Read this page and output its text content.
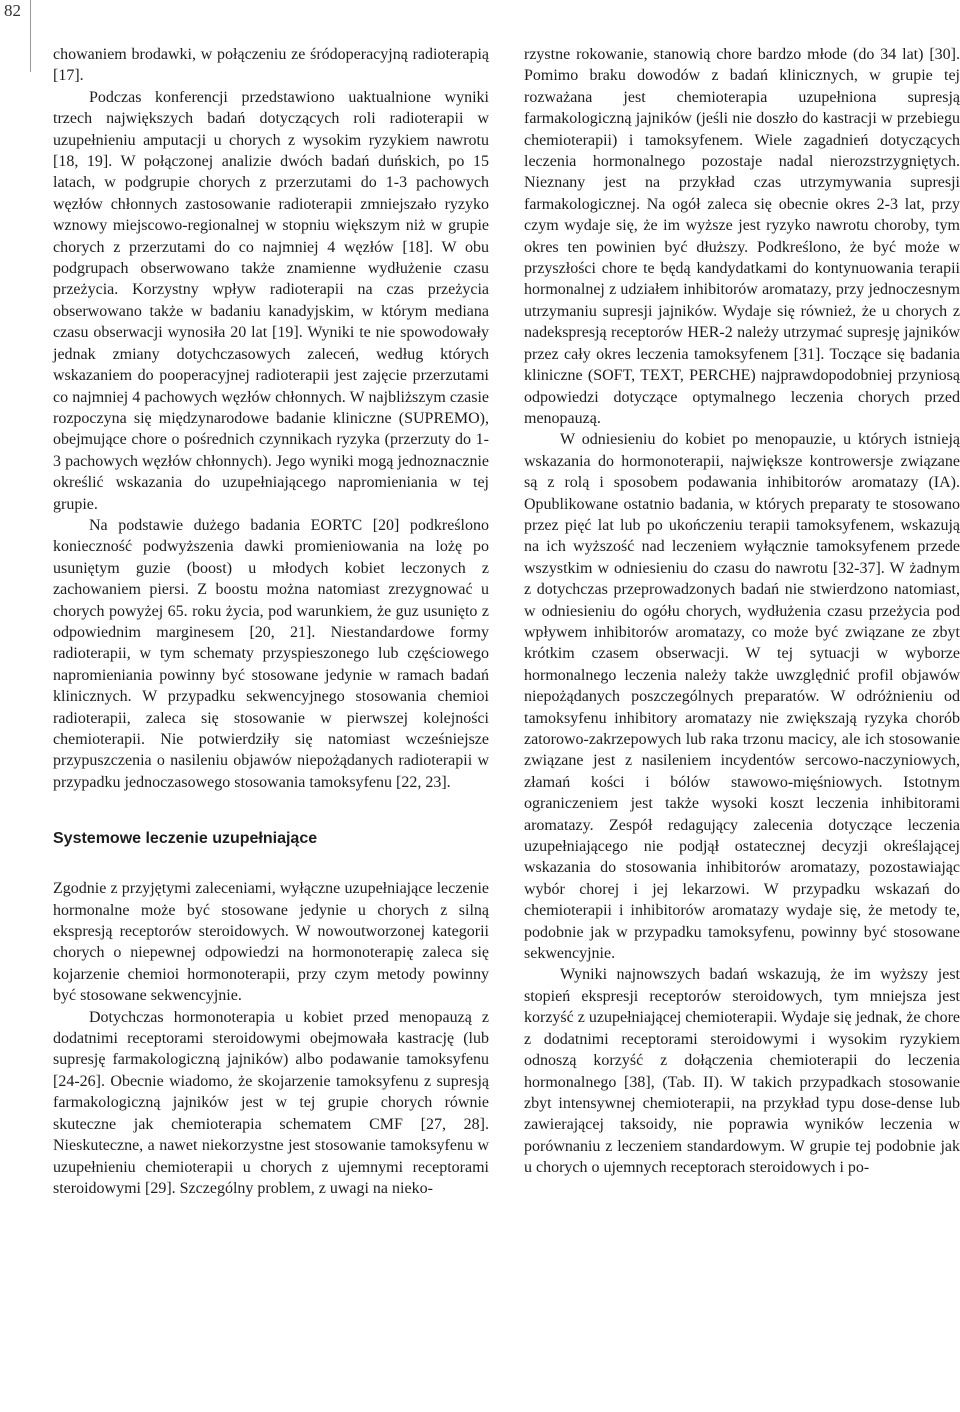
82

chowaniem brodawki, w połączeniu ze śródoperacyjną radioterapią [17].

Podczas konferencji przedstawiono uaktualnione wyniki trzech największych badań dotyczących roli radioterapii w uzupełnieniu amputacji u chorych z wysokim ryzykiem nawrotu [18, 19]. W połączonej analizie dwóch badań duńskich, po 15 latach, w podgrupie chorych z przerzutami do 1-3 pachowych węzłów chłonnych zastosowanie radioterapii zmniejszało ryzyko wznowy miejscowo-regionalnej w stopniu większym niż w grupie chorych z przerzutami do co najmniej 4 węzłów [18]. W obu podgrupach obserwowano także znamienne wydłużenie czasu przeżycia. Korzystny wpływ radioterapii na czas przeżycia obserwowano także w badaniu kanadyjskim, w którym mediana czasu obserwacji wynosiła 20 lat [19]. Wyniki te nie spowodowały jednak zmiany dotychczasowych zaleceń, według których wskazaniem do pooperacyjnej radioterapii jest zajęcie przerzutami co najmniej 4 pachowych węzłów chłonnych. W najbliższym czasie rozpoczyna się międzynarodowe badanie kliniczne (SUPREMO), obejmujące chore o pośrednich czynnikach ryzyka (przerzuty do 1-3 pachowych węzłów chłonnych). Jego wyniki mogą jednoznacznie określić wskazania do uzupełniającego napromieniania w tej grupie.

Na podstawie dużego badania EORTC [20] podkreślono konieczność podwyższenia dawki promieniowania na lożę po usuniętym guzie (boost) u młodych kobiet leczonych z zachowaniem piersi. Z boostu można natomiast zrezygnować u chorych powyżej 65. roku życia, pod warunkiem, że guz usunięto z odpowiednim marginesem [20, 21]. Niestandardowe formy radioterapii, w tym schematy przyspieszonego lub częściowego napromieniania powinny być stosowane jedynie w ramach badań klinicznych. W przypadku sekwencyjnego stosowania chemioi radioterapii, zaleca się stosowanie w pierwszej kolejności chemioterapii. Nie potwierdziły się natomiast wcześniejsze przypuszczenia o nasileniu objawów niepożądanych radioterapii w przypadku jednoczasowego stosowania tamoksyfenu [22, 23].

Systemowe leczenie uzupełniające

Zgodnie z przyjętymi zaleceniami, wyłączne uzupełniające leczenie hormonalne może być stosowane jedynie u chorych z silną ekspresją receptorów steroidowych. W nowoutworzonej kategorii chorych o niepewnej odpowiedzi na hormonoterapię zaleca się kojarzenie chemioi hormonoterapii, przy czym metody powinny być stosowane sekwencyjnie.

Dotychczas hormonoterapia u kobiet przed menopauzą z dodatnimi receptorami steroidowymi obejmowała kastrację (lub supresję farmakologiczną jajników) albo podawanie tamoksyfenu [24-26]. Obecnie wiadomo, że skojarzenie tamoksyfenu z supresją farmakologiczną jajników jest w tej grupie chorych równie skuteczne jak chemioterapia schematem CMF [27, 28]. Nieskuteczne, a nawet niekorzystne jest stosowanie tamoksyfenu w uzupełnieniu chemioterapii u chorych z ujemnymi receptorami steroidowymi [29]. Szczególny problem, z uwagi na nieko-

rzystne rokowanie, stanowią chore bardzo młode (do 34 lat) [30]. Pomimo braku dowodów z badań klinicznych, w grupie tej rozważana jest chemioterapia uzupełniona supresją farmakologiczną jajników (jeśli nie doszło do kastracji w przebiegu chemioterapii) i tamoksyfenem. Wiele zagadnień dotyczących leczenia hormonalnego pozostaje nadal nierozstrzygniętych. Nieznany jest na przykład czas utrzymywania supresji farmakologicznej. Na ogół zaleca się obecnie okres 2-3 lat, przy czym wydaje się, że im wyższe jest ryzyko nawrotu choroby, tym okres ten powinien być dłuższy. Podkreślono, że być może w przyszłości chore te będą kandydatkami do kontynuowania terapii hormonalnej z udziałem inhibitorów aromatazy, przy jednoczesnym utrzymaniu supresji jajników. Wydaje się również, że u chorych z nadekspresją receptorów HER-2 należy utrzymać supresję jajników przez cały okres leczenia tamoksyfenem [31]. Toczące się badania kliniczne (SOFT, TEXT, PERCHE) najprawdopodobniej przyniosą odpowiedzi dotyczące optymalnego leczenia chorych przed menopauzą.

W odniesieniu do kobiet po menopauzie, u których istnieją wskazania do hormonoterapii, największe kontrowersje związane są z rolą i sposobem podawania inhibitorów aromatazy (IA). Opublikowane ostatnio badania, w których preparaty te stosowano przez pięć lat lub po ukończeniu terapii tamoksyfenem, wskazują na ich wyższość nad leczeniem wyłącznie tamoksyfenem przede wszystkim w odniesieniu do czasu do nawrotu [32-37]. W żadnym z dotychczas przeprowadzonych badań nie stwierdzono natomiast, w odniesieniu do ogółu chorych, wydłużenia czasu przeżycia pod wpływem inhibitorów aromatazy, co może być związane ze zbyt krótkim czasem obserwacji. W tej sytuacji w wyborze hormonalnego leczenia należy także uwzględnić profil objawów niepożądanych poszczególnych preparatów. W odróżnieniu od tamoksyfenu inhibitory aromatazy nie zwiększają ryzyka chorób zatorowo-zakrzepowych lub raka trzonu macicy, ale ich stosowanie związane jest z nasileniem incydentów sercowo-naczyniowych, złamań kości i bólów stawowo-mięśniowych. Istotnym ograniczeniem jest także wysoki koszt leczenia inhibitorami aromatazy. Zespół redagujący zalecenia dotyczące leczenia uzupełniającego nie podjął ostatecznej decyzji określającej wskazania do stosowania inhibitorów aromatazy, pozostawiając wybór chorej i jej lekarzowi. W przypadku wskazań do chemioterapii i inhibitorów aromatazy wydaje się, że metody te, podobnie jak w przypadku tamoksyfenu, powinny być stosowane sekwencyjnie.

Wyniki najnowszych badań wskazują, że im wyższy jest stopień ekspresji receptorów steroidowych, tym mniejsza jest korzyść z uzupełniającej chemioterapii. Wydaje się jednak, że chore z dodatnimi receptorami steroidowymi i wysokim ryzykiem odnoszą korzyść z dołączenia chemioterapii do leczenia hormonalnego [38], (Tab. II). W takich przypadkach stosowanie zbyt intensywnej chemioterapii, na przykład typu dose-dense lub zawierającej taksoidy, nie poprawia wyników leczenia w porównaniu z leczeniem standardowym. W grupie tej podobnie jak u chorych o ujemnych receptorach steroidowych i po-
